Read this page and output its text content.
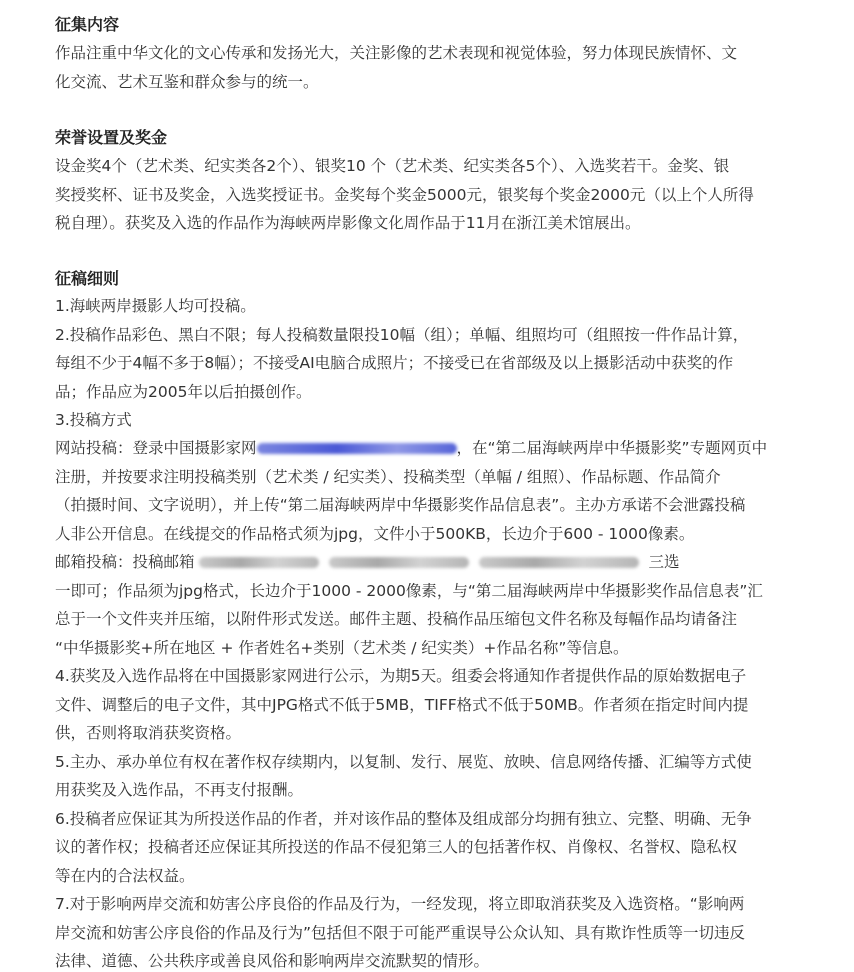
征集内容
作品注重中华文化的文心传承和发扬光大，关注影像的艺术表现和视觉体验，努力体现民族情怀、文
化交流、艺术互鉴和群众参与的统一。
荣誉设置及奖金
设金奖4个（艺术类、纪实类各2个）、银奖10 个（艺术类、纪实类各5个）、入选奖若干。金奖、银
奖授奖杯、证书及奖金，入选奖授证书。金奖每个奖金5000元，银奖每个奖金2000元（以上个人所得
税自理）。获奖及入选的作品作为海峡两岸影像文化周作品于11月在浙江美术馆展出。
征稿细则
1.海峡两岸摄影人均可投稿。
2.投稿作品彩色、黑白不限；每人投稿数量限投10幅（组）；单幅、组照均可（组照按一件作品计算，
每组不少于4幅不多于8幅）；不接受AI电脑合成照片；不接受已在省部级及以上摄影活动中获奖的作
品；作品应为2005年以后拍摄创作。
3.投稿方式
网站投稿：登录中国摄影家网	，在“第二届海峡两岸中华摄影奖”专题网页中
注册，并按要求注明投稿类别（艺术类 / 纪实类）、投稿类型（单幅 / 组照）、作品标题、作品简介
（拍摄时间、文字说明），并上传“第二届海峡两岸中华摄影奖作品信息表”。主办方承诺不会泄露投稿
人非公开信息。在线提交的作品格式须为jpg，文件小于500KB，长边介于600 - 1000像素。
邮箱投稿：投稿邮箱	三选
一即可；作品须为jpg格式，长边介于1000 - 2000像素，与“第二届海峡两岸中华摄影奖作品信息表”汇
总于一个文件夹并压缩，以附件形式发送。邮件主题、投稿作品压缩包文件名称及每幅作品均请备注
“中华摄影奖+所在地区 + 作者姓名+类别（艺术类 / 纪实类）+作品名称”等信息。
4.获奖及入选作品将在中国摄影家网进行公示，为期5天。组委会将通知作者提供作品的原始数据电子
文件、调整后的电子文件，其中JPG格式不低于5MB，TIFF格式不低于50MB。作者须在指定时间内提
供，否则将取消获奖资格。
5.主办、承办单位有权在著作权存续期内，以复制、发行、展览、放映、信息网络传播、汇编等方式使
用获奖及入选作品，不再支付报酬。
6.投稿者应保证其为所投送作品的作者，并对该作品的整体及组成部分均拥有独立、完整、明确、无争
议的著作权；投稿者还应保证其所投送的作品不侵犯第三人的包括著作权、肖像权、名誉权、隐私权
等在内的合法权益。
7.对于影响两岸交流和妨害公序良俗的作品及行为，一经发现，将立即取消获奖及入选资格。“影响两
岸交流和妨害公序良俗的作品及行为”包括但不限于可能严重误导公众认知、具有欺诈性质等一切违反
法律、道德、公共秩序或善良风俗和影响两岸交流默契的情形。
